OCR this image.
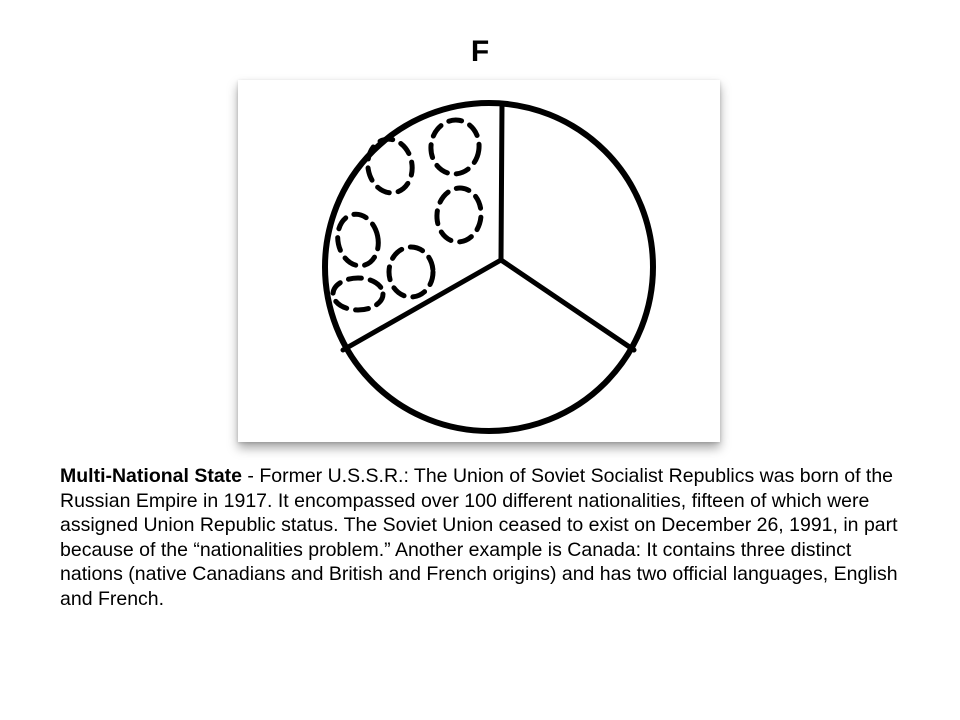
F
Multi-National State - Former U.S.S.R.: The Union of Soviet Socialist Republics was born of the Russian Empire in 1917. It encompassed over 100 different nationalities, fifteen of which were assigned Union Republic status. The Soviet Union ceased to exist on December 26, 1991, in part because of the “nationalities problem.” Another example is Canada: It contains three distinct nations (native Canadians and British and French origins) and has two official languages, English and French.
